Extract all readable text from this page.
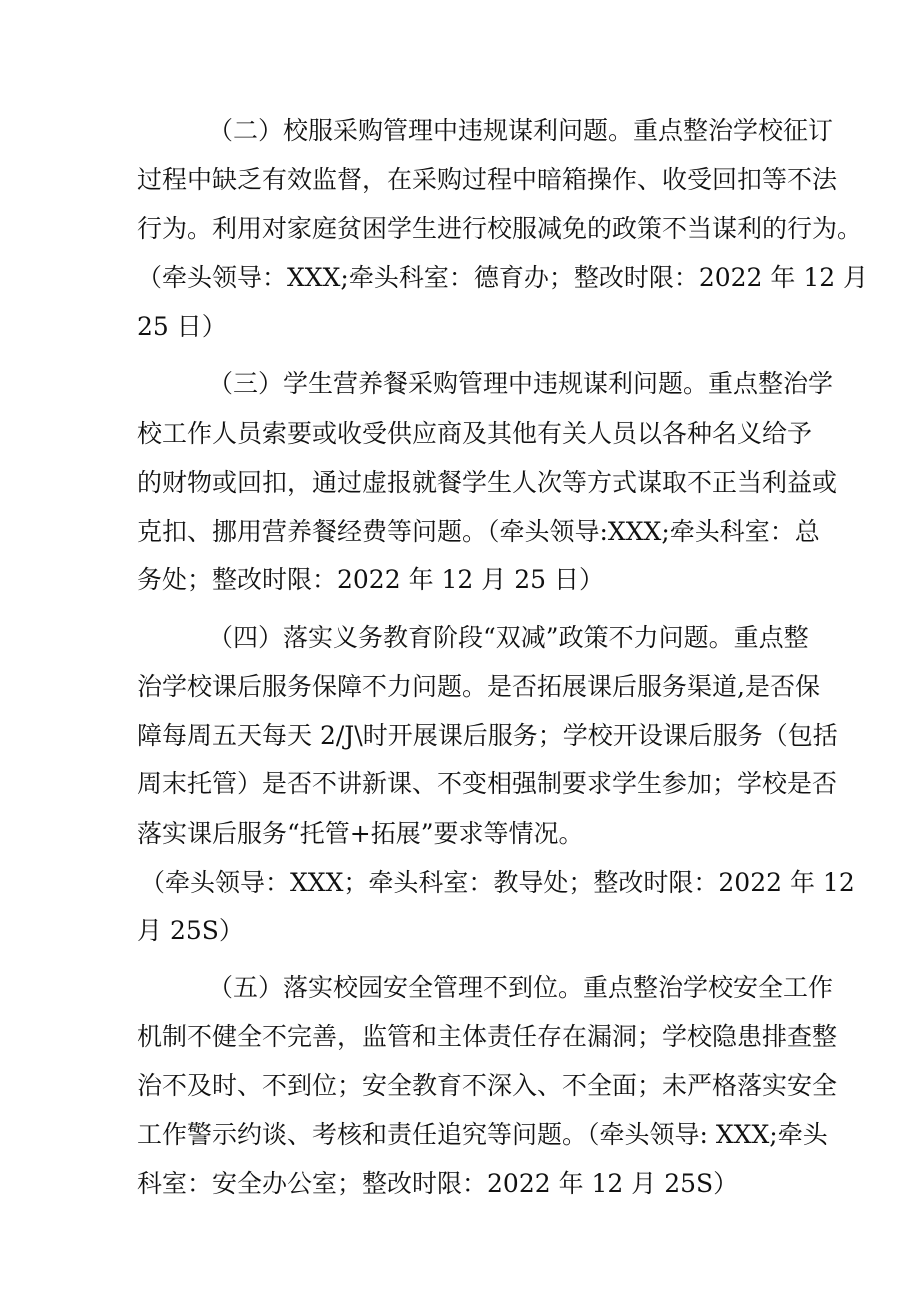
（二）校服采购管理中违规谋利问题。重点整治学校征订

过程中缺乏有效监督，在采购过程中暗箱操作、收受回扣等不法

行为。利用对家庭贫困学生进行校服减免的政策不当谋利的行为。

（牵头领导：XXX;牵头科室：德育办；整改时限：2022 年 12 月

25 日）

（三）学生营养餐采购管理中违规谋利问题。重点整治学

校工作人员索要或收受供应商及其他有关人员以各种名义给予

的财物或回扣，通过虚报就餐学生人次等方式谋取不正当利益或

克扣、挪用营养餐经费等问题。（牵头领导:XXX;牵头科室：总

务处；整改时限：2022 年 12 月 25 日）

（四）落实义务教育阶段“双减”政策不力问题。重点整

治学校课后服务保障不力问题。是否拓展课后服务渠道,是否保

障每周五天每天 2/J\时开展课后服务；学校开设课后服务（包括

周末托管）是否不讲新课、不变相强制要求学生参加；学校是否

落实课后服务“托管+拓展”要求等情况。

（牵头领导：XXX；牵头科室：教导处；整改时限：2022 年 12

月 25S）

（五）落实校园安全管理不到位。重点整治学校安全工作

机制不健全不完善，监管和主体责任存在漏洞；学校隐患排查整

治不及时、不到位；安全教育不深入、不全面；未严格落实安全

工作警示约谈、考核和责任追究等问题。（牵头领导: XXX;牵头

科室：安全办公室；整改时限：2022 年 12 月 25S）
